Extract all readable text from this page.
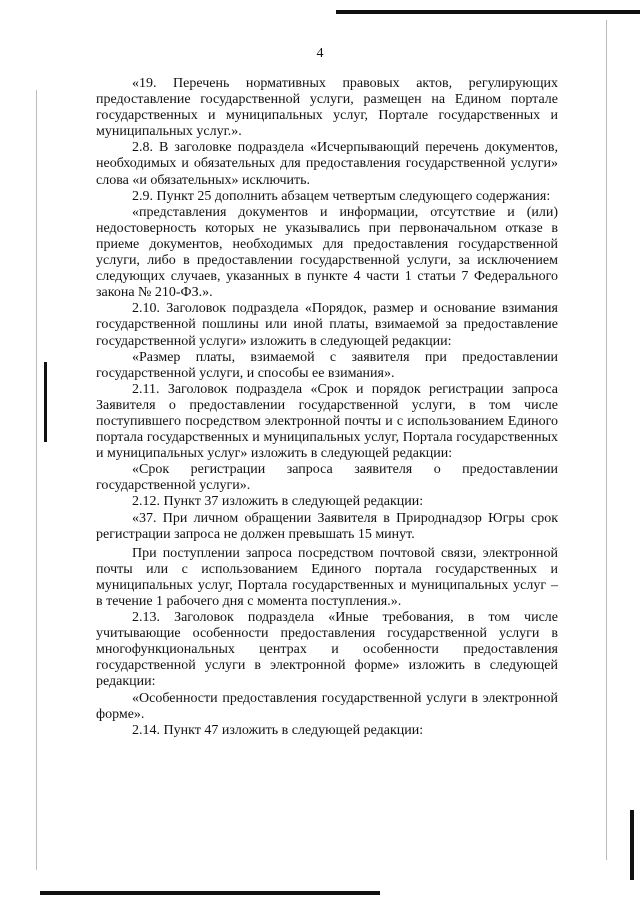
4

«19. Перечень нормативных правовых актов, регулирующих предоставление государственной услуги, размещен на Едином портале государственных и муниципальных услуг, Портале государственных и муниципальных услуг.».

2.8. В заголовке подраздела «Исчерпывающий перечень документов, необходимых и обязательных для предоставления государственной услуги» слова «и обязательных» исключить.

2.9. Пункт 25 дополнить абзацем четвертым следующего содержания:

«представления документов и информации, отсутствие и (или) недостоверность которых не указывались при первоначальном отказе в приеме документов, необходимых для предоставления государственной услуги, либо в предоставлении государственной услуги, за исключением следующих случаев, указанных в пункте 4 части 1 статьи 7 Федерального закона № 210-ФЗ.».

2.10. Заголовок подраздела «Порядок, размер и основание взимания государственной пошлины или иной платы, взимаемой за предоставление государственной услуги» изложить в следующей редакции:

«Размер платы, взимаемой с заявителя при предоставлении государственной услуги, и способы ее взимания».

2.11. Заголовок подраздела «Срок и порядок регистрации запроса Заявителя о предоставлении государственной услуги, в том числе поступившего посредством электронной почты и с использованием Единого портала государственных и муниципальных услуг, Портала государственных и муниципальных услуг» изложить в следующей редакции:

«Срок регистрации запроса заявителя о предоставлении государственной услуги».

2.12. Пункт 37 изложить в следующей редакции:

«37. При личном обращении Заявителя в Природнадзор Югры срок регистрации запроса не должен превышать 15 минут.

При поступлении запроса посредством почтовой связи, электронной почты или с использованием Единого портала государственных и муниципальных услуг, Портала государственных и муниципальных услуг – в течение 1 рабочего дня с момента поступления.».

2.13. Заголовок подраздела «Иные требования, в том числе учитывающие особенности предоставления государственной услуги в многофункциональных центрах и особенности предоставления государственной услуги в электронной форме» изложить в следующей редакции:

«Особенности предоставления государственной услуги в электронной форме».

2.14. Пункт 47 изложить в следующей редакции:
